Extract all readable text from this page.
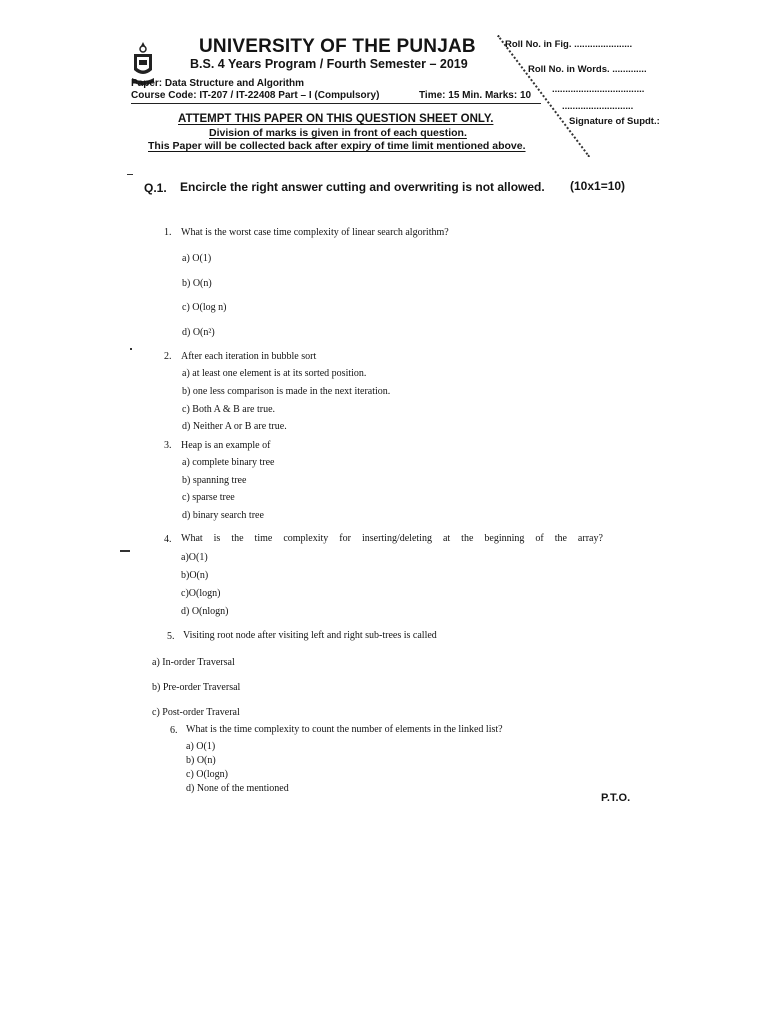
UNIVERSITY OF THE PUNJAB
B.S. 4 Years Program / Fourth Semester – 2019
Paper: Data Structure and Algorithm
Course Code: IT-207 / IT-22408 Part – I (Compulsory)	Time: 15 Min. Marks: 10
Roll No. in Fig. ......................
Roll No. in Words. .............
...................................
...........................
Signature of Supdt.:
ATTEMPT THIS PAPER ON THIS QUESTION SHEET ONLY.
Division of marks is given in front of each question.
This Paper will be collected back after expiry of time limit mentioned above.
Q.1. Encircle the right answer cutting and overwriting is not allowed. (10x1=10)
1. What is the worst case time complexity of linear search algorithm?
a) O(1)
b) O(n)
c) O(log n)
d) O(n²)
2. After each iteration in bubble sort
a) at least one element is at its sorted position.
b) one less comparison is made in the next iteration.
c) Both A & B are true.
d) Neither A or B are true.
3. Heap is an example of
a) complete binary tree
b) spanning tree
c) sparse tree
d) binary search tree
4. What  is  the  time  complexity  for  inserting/deleting  at  the  beginning  of  the  array?
a)O(1)
b)O(n)
c)O(logn)
d) O(nlogn)
5. Visiting root node after visiting left and right sub-trees is called
a) In-order Traversal
b) Pre-order Traversal
c) Post-order Traveral
6. What is the time complexity to count the number of elements in the linked list?
a) O(1)
b) O(n)
c) O(logn)
d) None of the mentioned
P.T.O.
